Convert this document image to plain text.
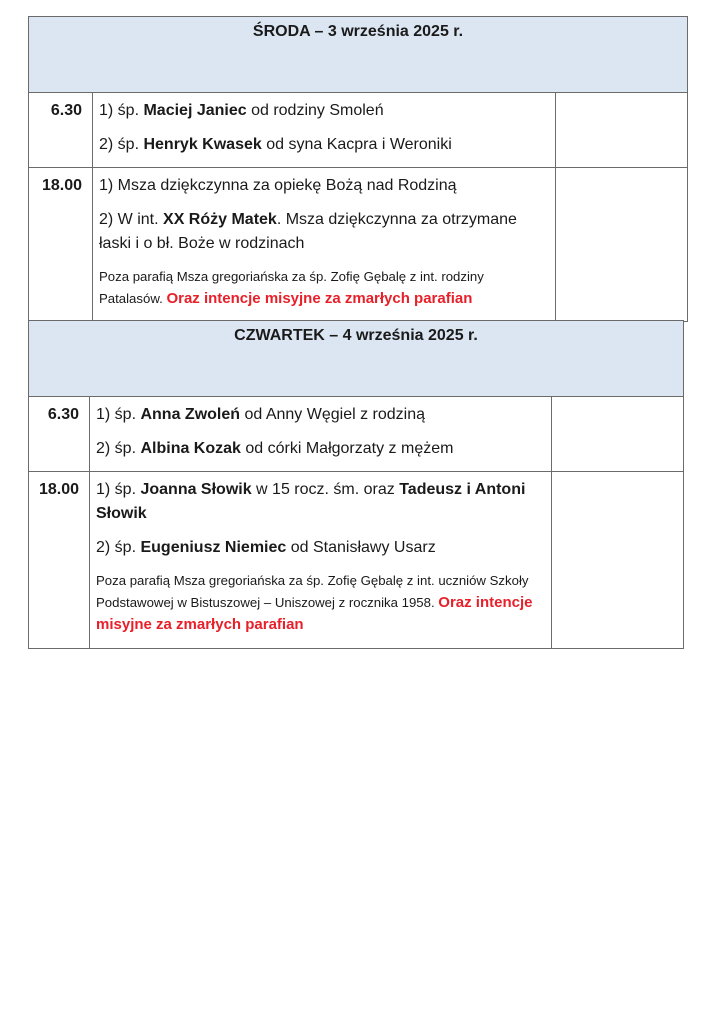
ŚRODA – 3 września 2025 r.		
6.30	1) śp. Maciej Janiec od rodziny Smoleń

2) śp. Henryk Kwasek od syna Kacpra i Weroniki	

18.00	1) Msza dziękczynna za opiekę Bożą nad Rodziną

2) W int. XX Róży Matek. Msza dziękczynna za otrzymane łaski i o bł. Boże w rodzinach

Poza parafią Msza gregoriańska za śp. Zofię Gębalę z int. rodziny Patalasów. Oraz intencje misyjne za zmarłych parafian	

CZWARTEK – 4 września 2025 r.		
6.30	1) śp. Anna Zwoleń od Anny Węgiel z rodziną

2) śp. Albina Kozak od córki Małgorzaty z mężem	

18.00	1) śp. Joanna Słowik w 15 rocz. śm. oraz Tadeusz i Antoni Słowik

2) śp. Eugeniusz Niemiec od Stanisławy Usarz

Poza parafią Msza gregoriańska za śp. Zofię Gębalę z int. uczniów Szkoły Podstawowej w Bistuszowej – Uniszowej z rocznika 1958. Oraz intencje misyjne za zmarłych parafian	
